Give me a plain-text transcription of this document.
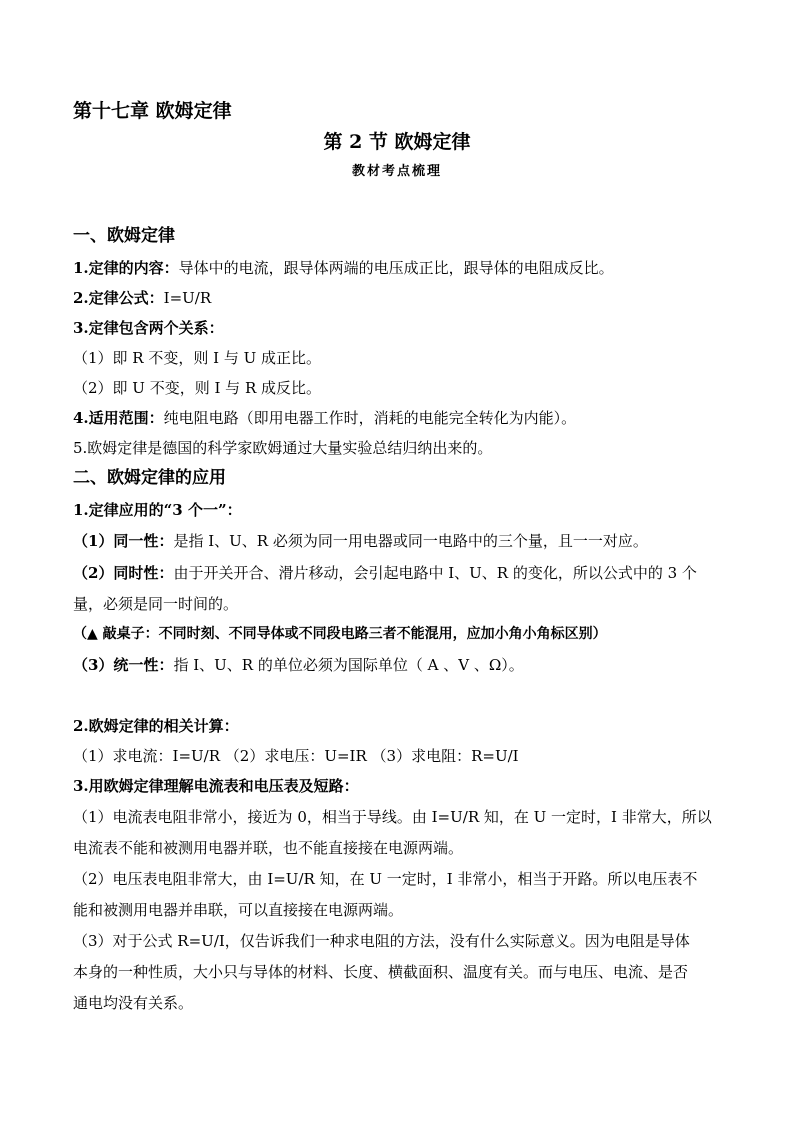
第十七章 欧姆定律
第 2 节 欧姆定律
教材考点梳理
一、欧姆定律
1.定律的内容：导体中的电流，跟导体两端的电压成正比，跟导体的电阻成反比。
2.定律公式：I=U/R
3.定律包含两个关系：
（1）即 R 不变，则 I 与 U 成正比。
（2）即 U 不变，则 I 与 R 成反比。
4.适用范围：纯电阻电路（即用电器工作时，消耗的电能完全转化为内能）。
5.欧姆定律是德国的科学家欧姆通过大量实验总结归纳出来的。
二、欧姆定律的应用
1.定律应用的“3 个一”：
（1）同一性：是指 I、U、R 必须为同一用电器或同一电路中的三个量，且一一对应。
（2）同时性：由于开关开合、滑片移动，会引起电路中 I、U、R 的变化，所以公式中的 3 个
量，必须是同一时间的。
（▲ 敲桌子：不同时刻、不同导体或不同段电路三者不能混用，应加小角小角标区别）
（3）统一性：指 I、U、R 的单位必须为国际单位（ A 、V 、Ω）。
2.欧姆定律的相关计算：
（1）求电流：I=U/R （2）求电压：U=IR （3）求电阻：R=U/I
3.用欧姆定律理解电流表和电压表及短路：
（1）电流表电阻非常小，接近为 0，相当于导线。由 I=U/R 知，在 U 一定时，I 非常大，所以
电流表不能和被测用电器并联，也不能直接接在电源两端。
（2）电压表电阻非常大，由 I=U/R 知，在 U 一定时，I 非常小，相当于开路。所以电压表不
能和被测用电器并串联，可以直接接在电源两端。
（3）对于公式 R=U/I，仅告诉我们一种求电阻的方法，没有什么实际意义。因为电阻是导体
本身的一种性质，大小只与导体的材料、长度、横截面积、温度有关。而与电压、电流、是否
通电均没有关系。
